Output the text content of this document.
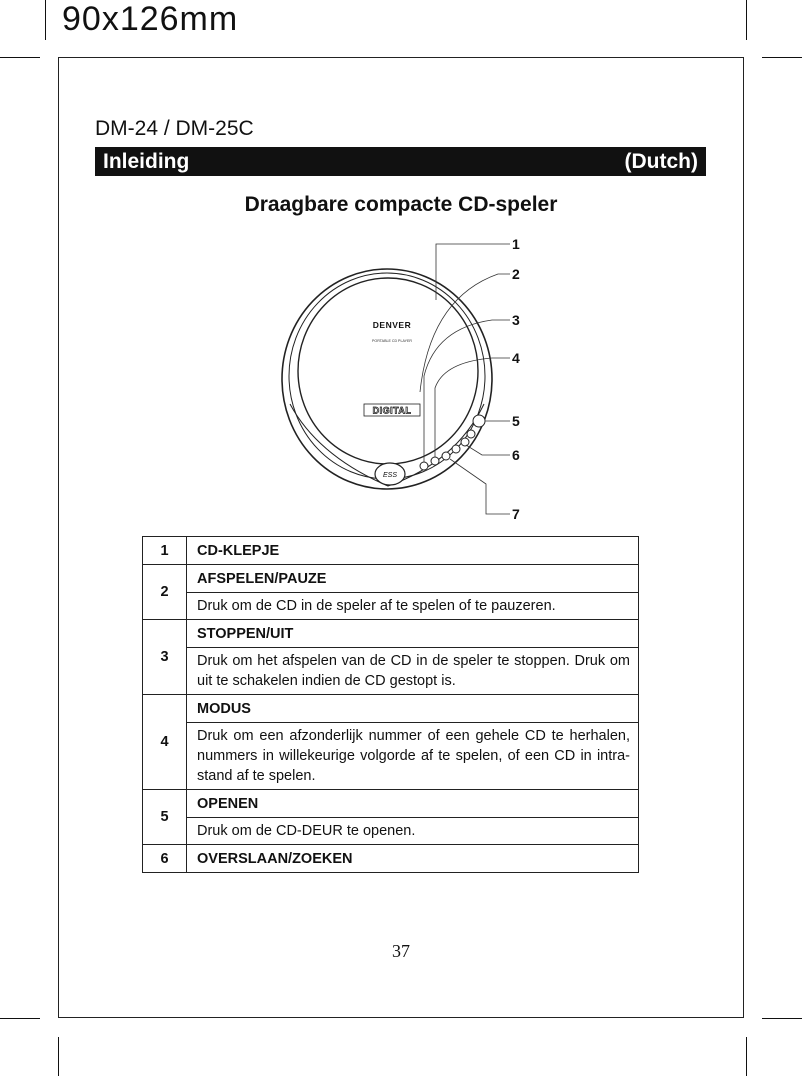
90x126mm
DM-24 / DM-25C
Inleiding	(Dutch)
Draagbare compacte CD-speler
DENVER
PORTABLE CD PLAYER
DIGITAL
ESS
1
2
3
4
5
6
7
1	CD-KLEPJE
2	AFSPELEN/PAUZE
	Druk om de CD in de speler af te spelen of te pauzeren.
3	STOPPEN/UIT
	Druk om het afspelen van de CD in de speler te stoppen. Druk om uit te schakelen indien de CD gestopt is.
4	MODUS
	Druk om een afzonderlijk nummer of een gehele CD te herhalen, nummers in willekeurige volgorde af te spelen, of een CD in intra-stand af te spelen.
5	OPENEN
	Druk om de CD-DEUR te openen.
6	OVERSLAAN/ZOEKEN
37
